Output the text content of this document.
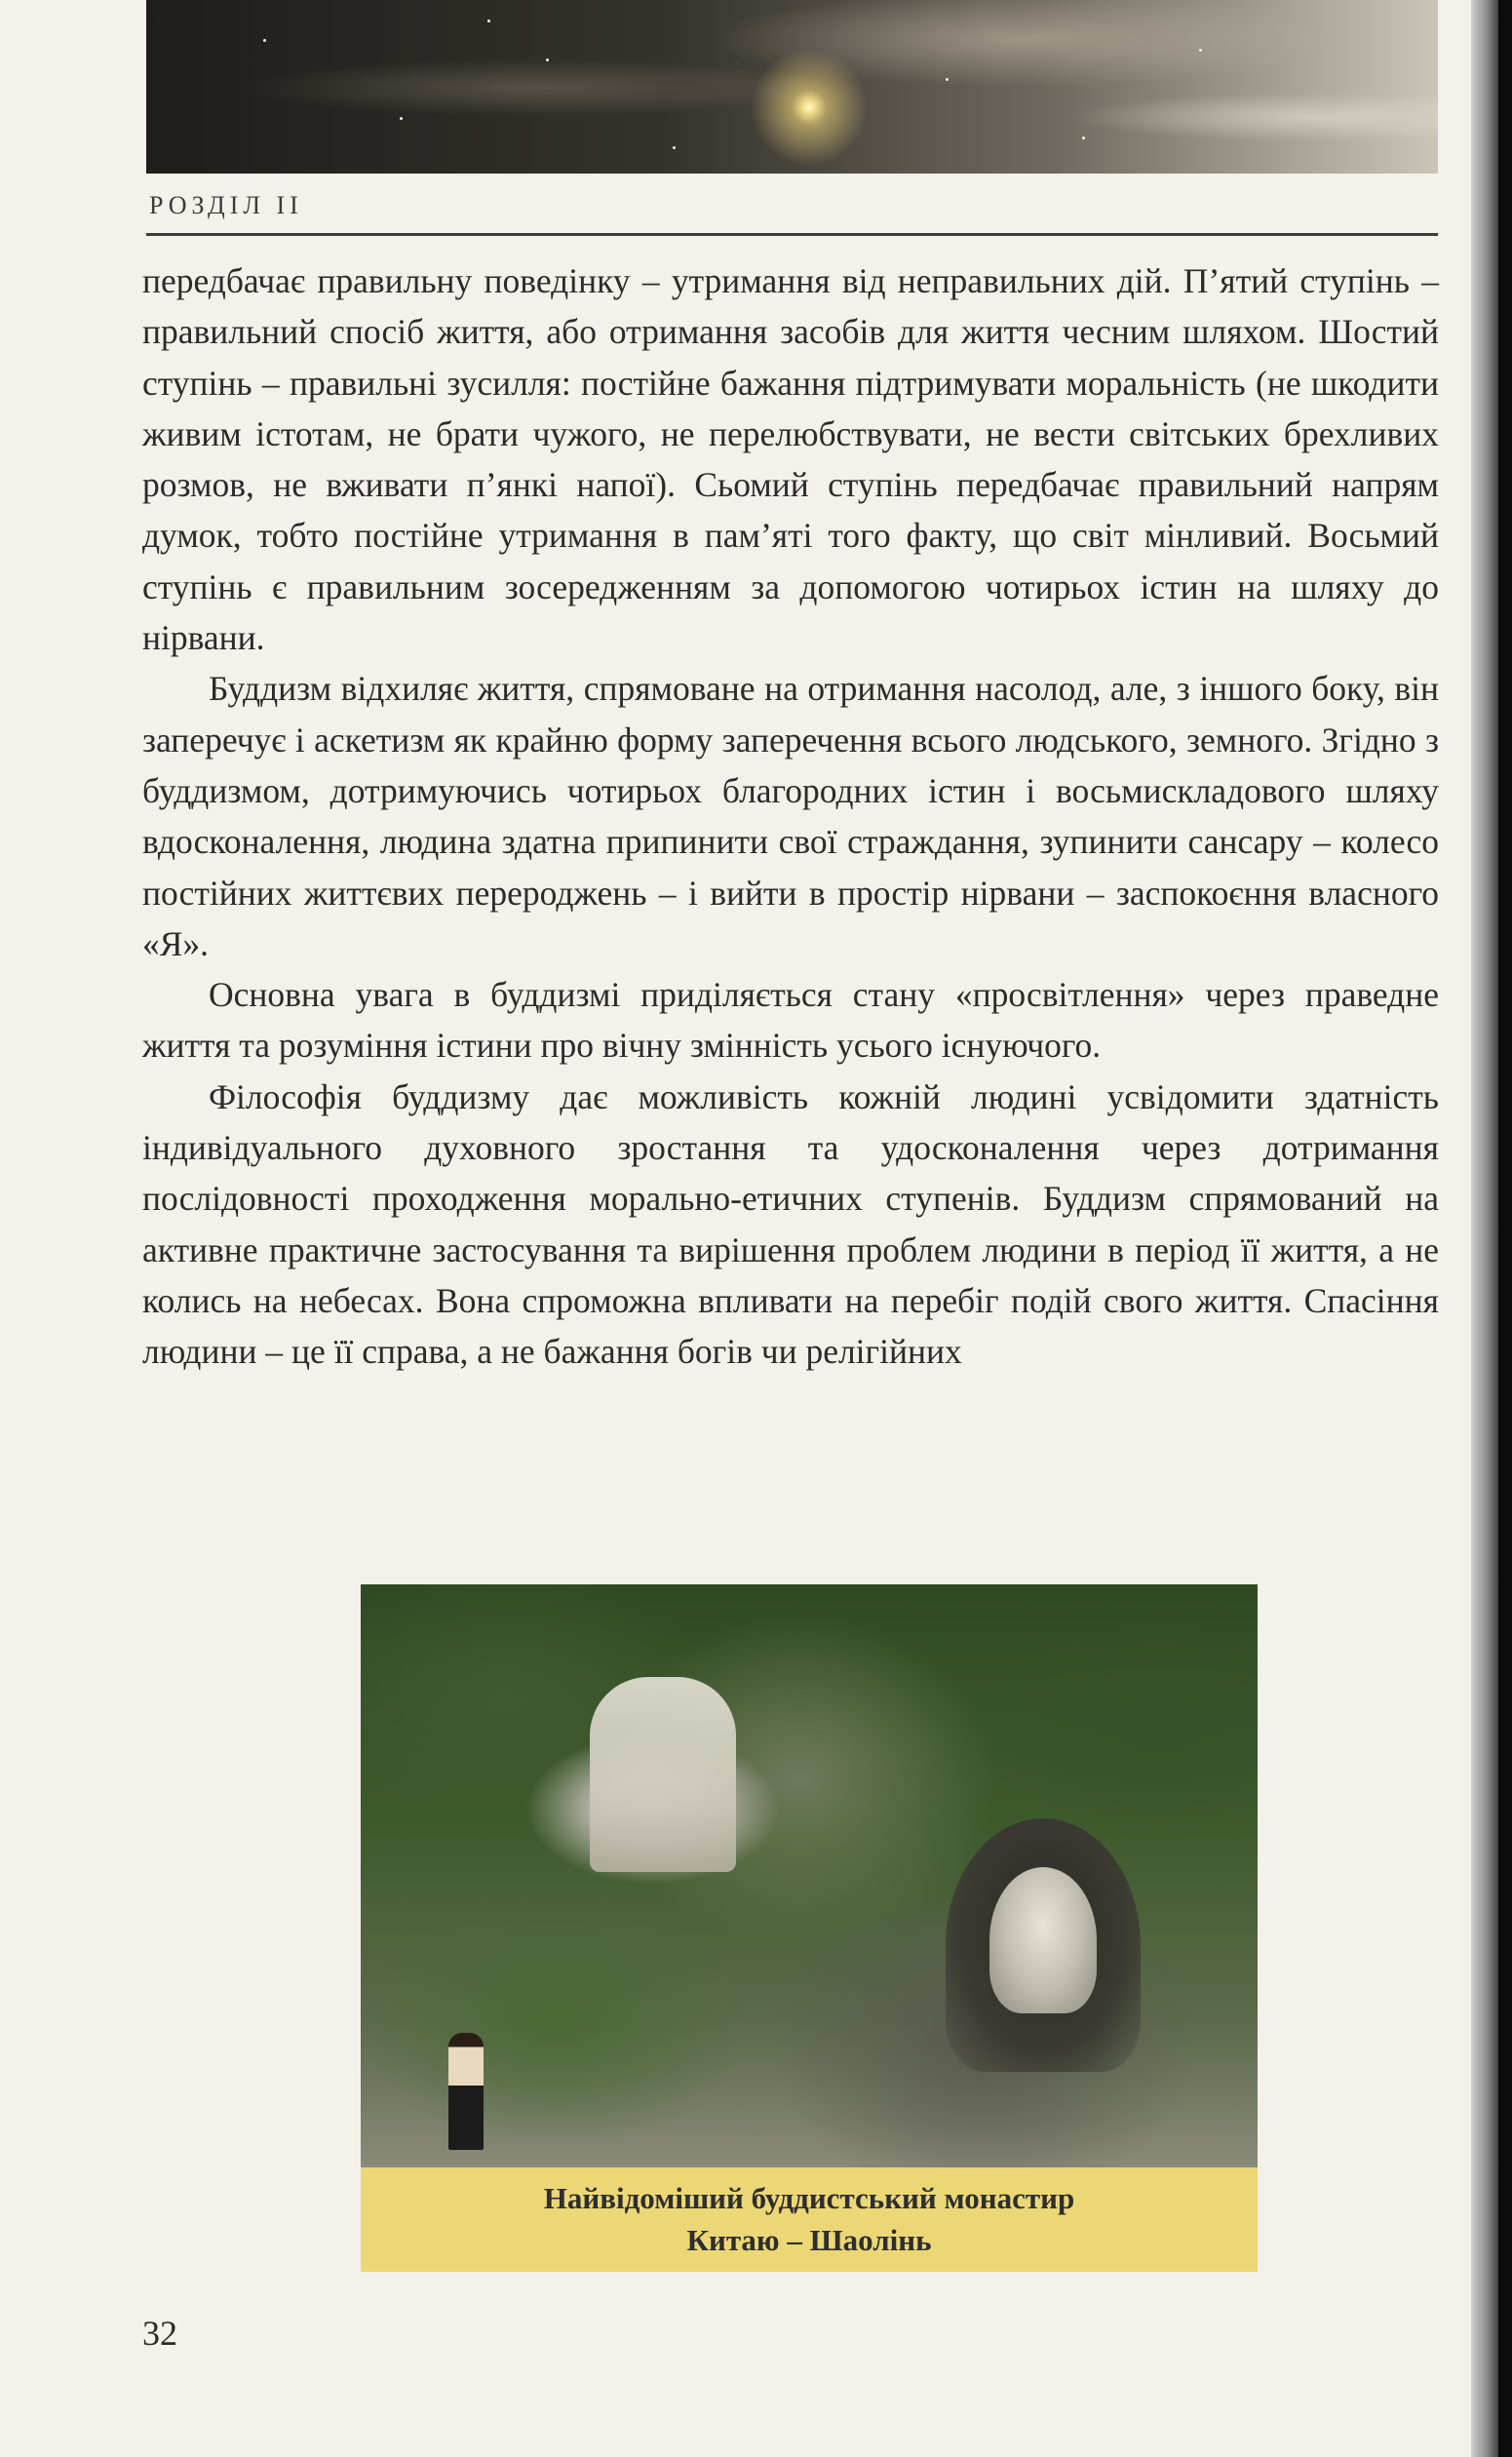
РОЗДІЛ II

передбачає правильну поведінку – утримання від неправильних дій. П’ятий ступінь – правильний спосіб життя, або отримання засобів для життя чесним шляхом. Шостий ступінь – правильні зусилля: постійне бажання підтримувати моральність (не шкодити живим істотам, не брати чужого, не перелюбствувати, не вести світських брехливих розмов, не вживати п’янкі напої). Сьомий ступінь передбачає правильний напрям думок, тобто постійне утримання в пам’яті того факту, що світ мінливий. Восьмий ступінь є правильним зосередженням за допомогою чотирьох істин на шляху до нірвани.

Буддизм відхиляє життя, спрямоване на отримання насолод, але, з іншого боку, він заперечує і аскетизм як крайню форму заперечення всього людського, земного. Згідно з буддизмом, дотримуючись чотирьох благородних істин і восьмискладового шляху вдосконалення, людина здатна припинити свої страждання, зупинити сансару – колесо постійних життєвих перероджень – і вийти в простір нірвани – заспокоєння власного «Я».

Основна увага в буддизмі приділяється стану «просвітлення» через праведне життя та розуміння істини про вічну змінність усього існуючого.

Філософія буддизму дає можливість кожній людині усвідомити здатність індивідуального духовного зростання та удосконалення через дотримання послідовності проходження морально-етичних ступенів. Буддизм спрямований на активне практичне застосування та вирішення проблем людини в період її життя, а не колись на небесах. Вона спроможна впливати на перебіг подій свого життя. Спасіння людини – це її справа, а не бажання богів чи релігійних

Найвідоміший буддистський монастир
Китаю – Шаолінь
32
